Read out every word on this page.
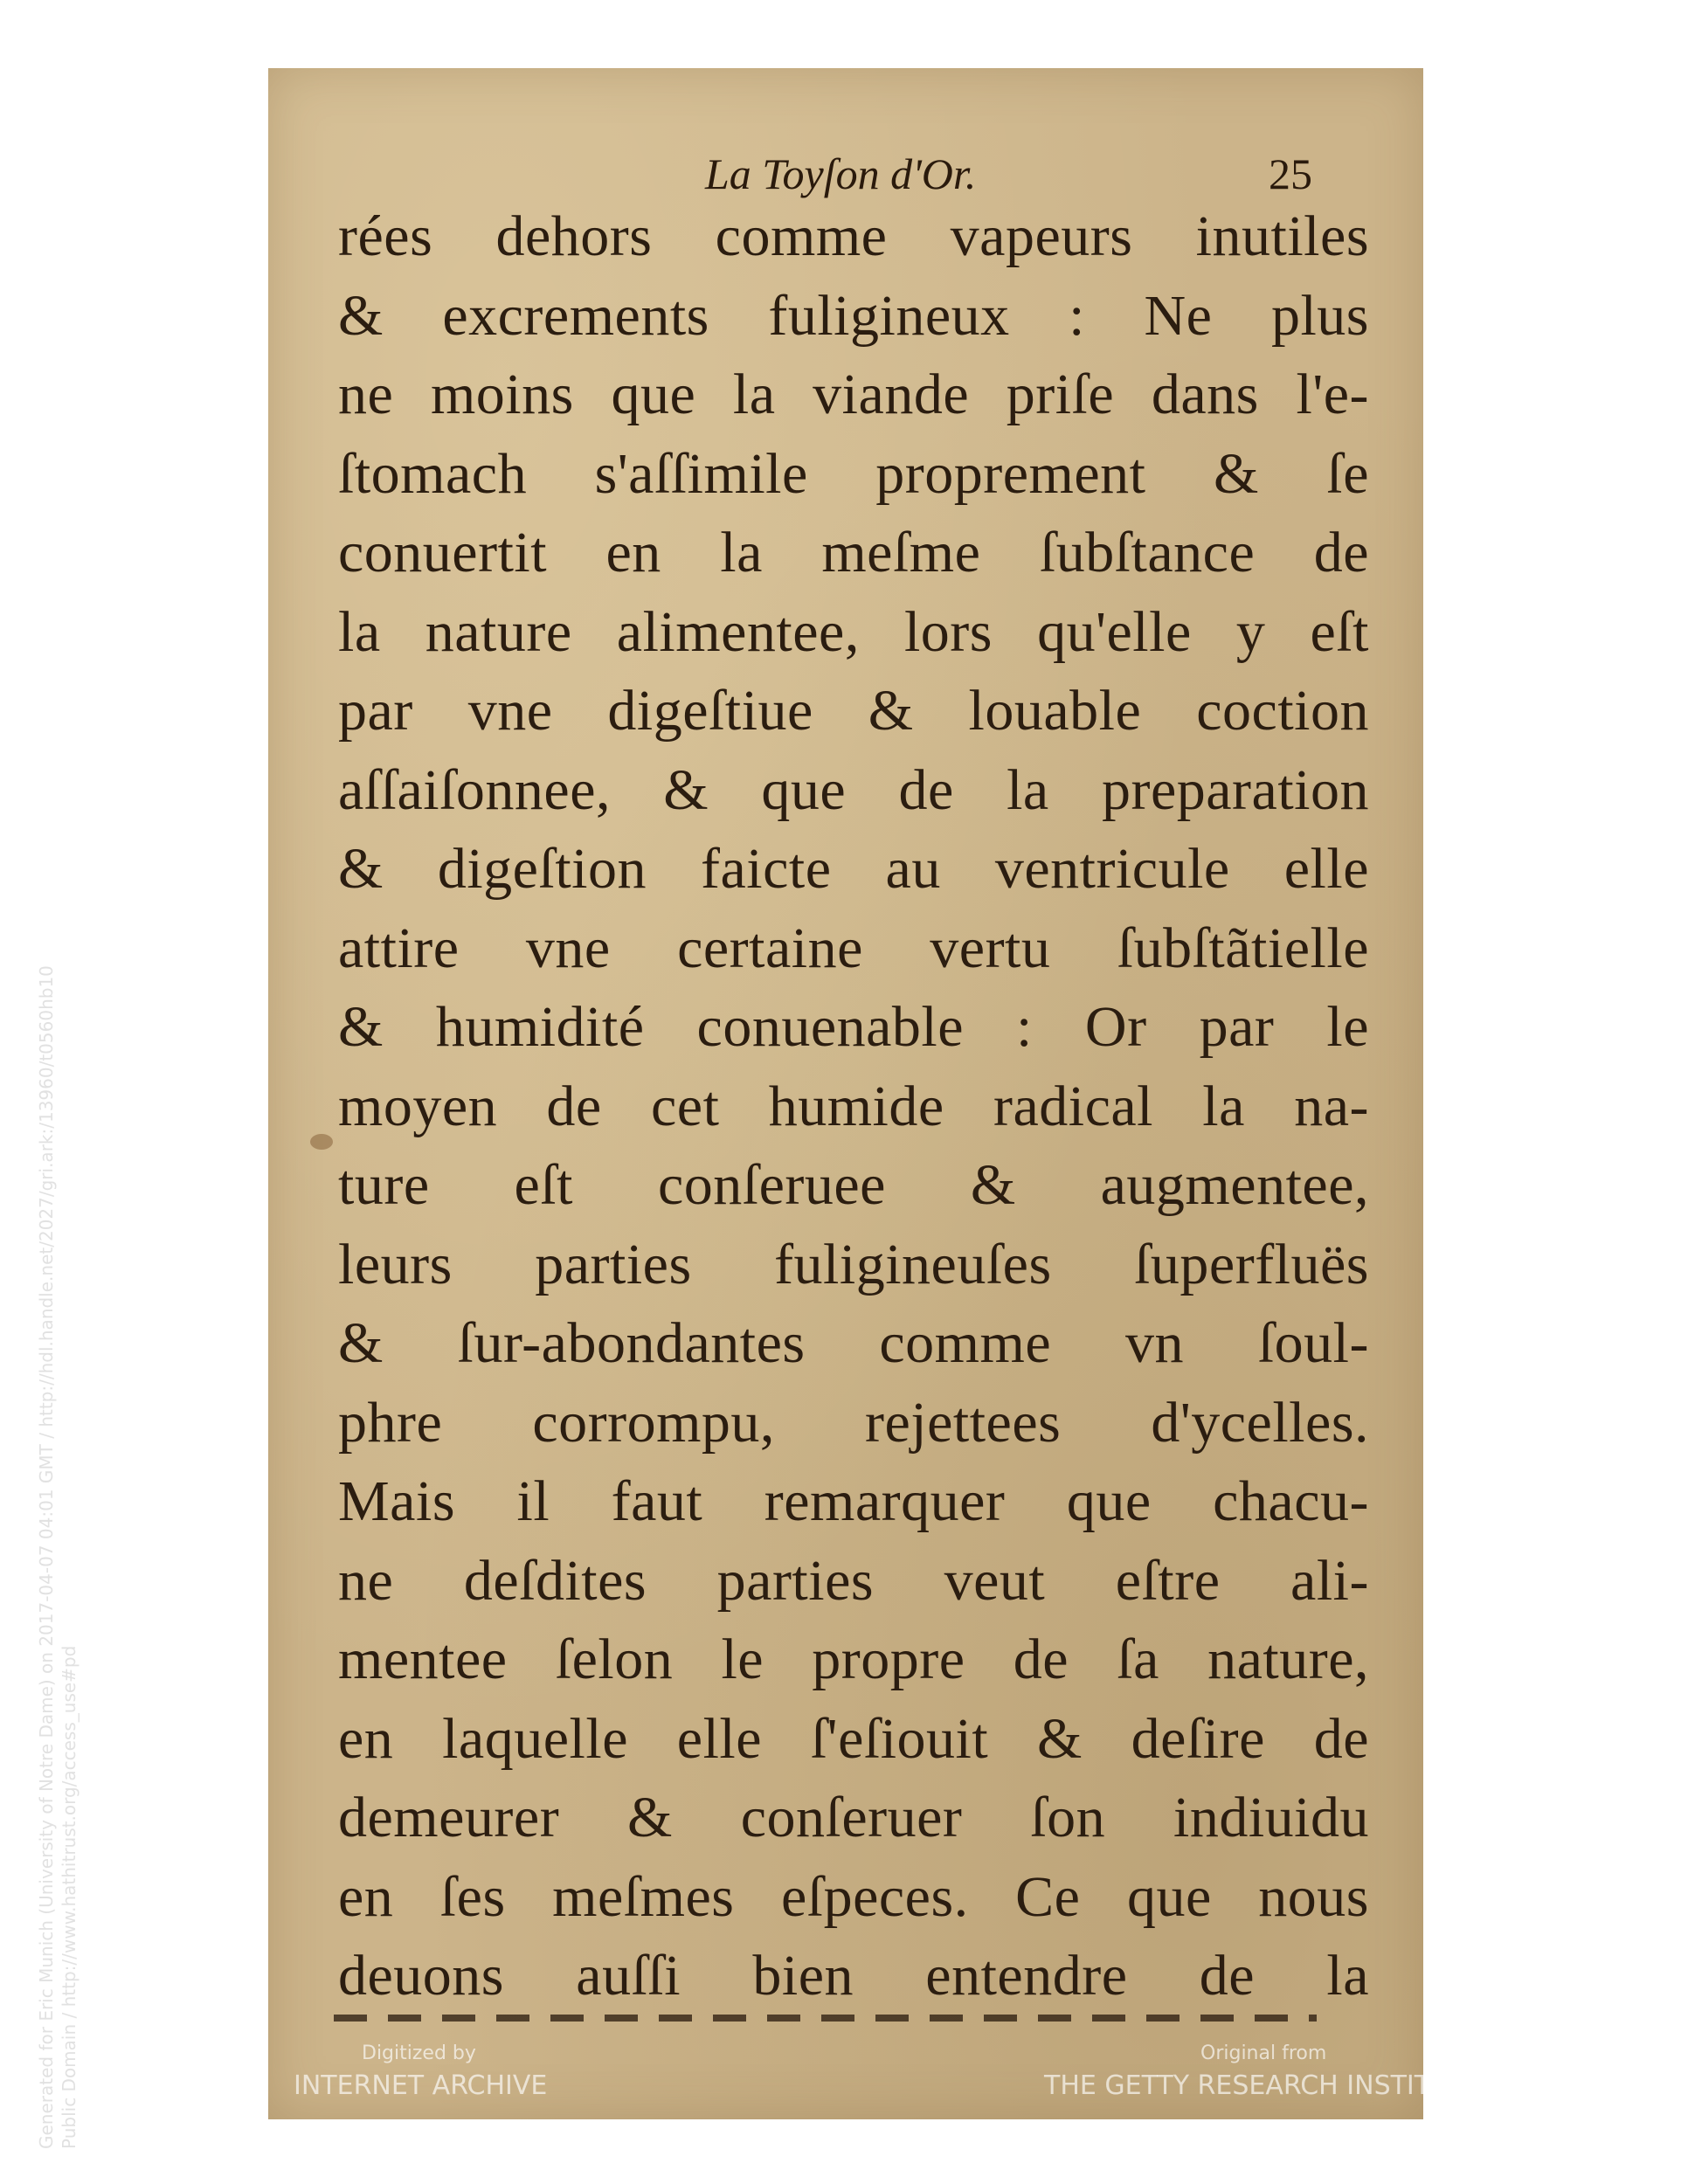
Generated for Eric Munich (University of Notre Dame) on 2017-04-07 04:01 GMT / http://hdl.handle.net/2027/gri.ark:/13960/t0560hb10 Public Domain / http://www.hathitrust.org/access_use#pd
La Toyſon d'Or.	25
rées dehors comme vapeurs inutiles
& excrements fuligineux : Ne plus
ne moins que la viande priſe dans l'e-
ſtomach s'aſſimile proprement & ſe
conuertit en la meſme ſubſtance de
la nature alimentee, lors qu'elle y eſt
par vne digeſtiue & louable coction
aſſaiſonnee, & que de la preparation
& digeſtion faicte au ventricule elle
attire vne certaine vertu ſubſtãtielle
& humidité conuenable : Or par le
moyen de cet humide radical la na-
ture eſt conſeruee & augmentee,
leurs parties fuligineuſes ſuperfluës
& ſur-abondantes comme vn ſoul-
phre corrompu, rejettees d'ycelles.
Mais il faut remarquer que chacu-
ne deſdites parties veut eſtre ali-
mentee ſelon le propre de ſa nature,
en laquelle elle ſ'eſiouit & deſire de
demeurer & conſeruer ſon indiuidu
en ſes meſmes eſpeces. Ce que nous
deuons auſſi bien entendre de la
Digitized by
INTERNET ARCHIVE
Original from
THE GETTY RESEARCH INSTITUTE
